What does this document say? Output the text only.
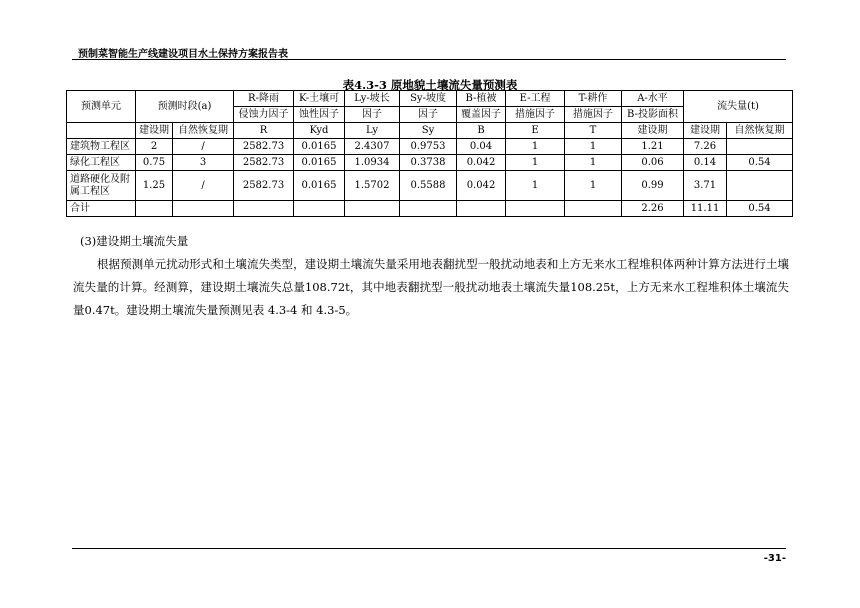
预制菜智能生产线建设项目水土保持方案报告表
表4.3-3 原地貌土壤流失量预测表
预测单元	预测时段(a)		R-降雨	K-土壤可	Ly-坡长	Sy-坡度	B-植被	E-工程	T-耕作	A-水平	流失量(t)	
			侵蚀力因子	蚀性因子	因子	因子	覆盖因子	措施因子	措施因子	B-投影面积		
	建设期	自然恢复期	R	Kyd	Ly	Sy	B	E	T	建设期	建设期	自然恢复期
建筑物工程区	2	/	2582.73	0.0165	2.4307	0.9753	0.04	1	1	1.21	7.26	
绿化工程区	0.75	3	2582.73	0.0165	1.0934	0.3738	0.042	1	1	0.06	0.14	0.54
道路硬化及附属工程区	1.25	/	2582.73	0.0165	1.5702	0.5588	0.042	1	1	0.99	3.71	
合计										2.26	11.11	0.54
(3)建设期土壤流失量
根据预测单元扰动形式和土壤流失类型，建设期土壤流失量采用地表翻扰型一般扰动地表和上方无来水工程堆积体两种计算方法进行土壤流失量的计算。经测算，建设期土壤流失总量108.72t，其中地表翻扰型一般扰动地表土壤流失量108.25t，上方无来水工程堆积体土壤流失量0.47t。建设期土壤流失量预测见表 4.3-4 和 4.3-5。
-31-
